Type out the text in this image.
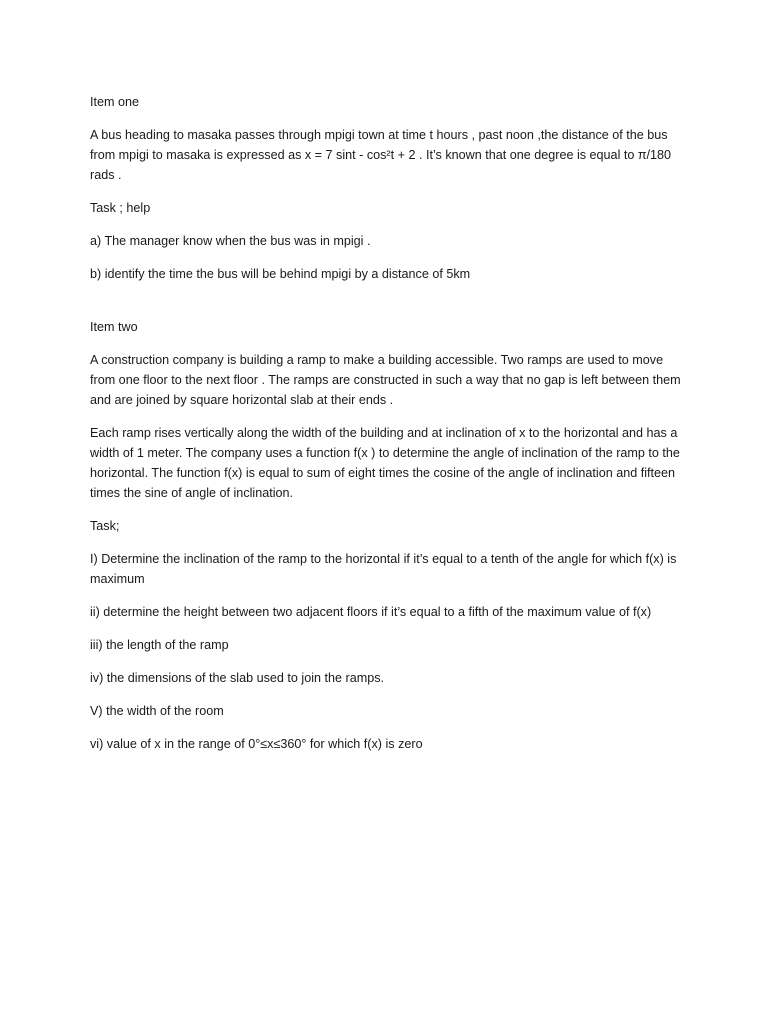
Item one

A bus heading to masaka passes through mpigi town at time t hours , past noon ,the distance of the bus from mpigi to masaka is expressed as x = 7 sint - cos²t + 2 . It’s known that one degree is equal to π/180 rads .

Task ; help

a) The manager know when the bus was in mpigi .

b) identify the time the bus will be behind mpigi by a distance of 5km

Item two

A construction company is building a ramp to make a building accessible. Two ramps are used to move from one floor to the next floor . The ramps are constructed in such a way that no gap is left between them and are joined by square horizontal slab at their ends .

Each ramp rises vertically along the width of the building and at inclination of x to the horizontal and has a width of 1 meter. The company uses a function f(x ) to determine the angle of inclination of the ramp to the horizontal. The function f(x) is equal to sum of eight times the cosine of the angle of inclination and fifteen times the sine of angle of inclination.

Task;

I) Determine the inclination of the ramp to the horizontal if it’s equal to a tenth of the angle for which f(x) is maximum

ii) determine the height between two adjacent floors if it’s equal to a fifth of the maximum value of f(x)

iii) the length of the ramp

iv) the dimensions of the slab used to join the ramps.

V) the width of the room

vi) value of x in the range of 0°≤x≤360° for which f(x) is zero
